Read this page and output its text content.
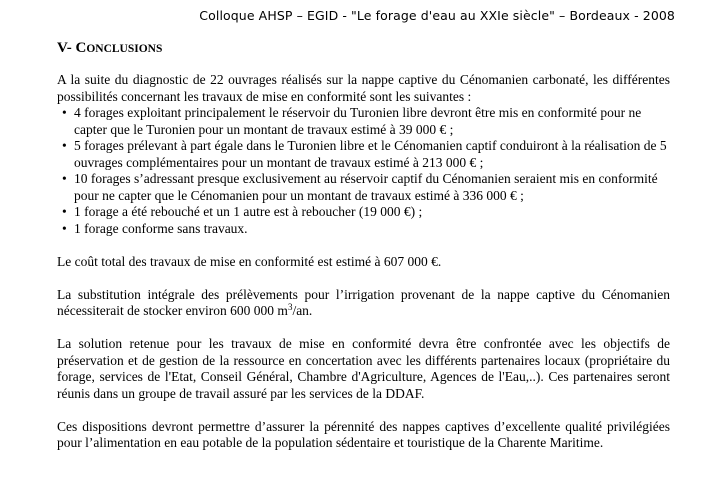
Colloque AHSP – EGID - "Le forage d'eau au XXIe siècle" – Bordeaux - 2008
V- CONCLUSIONS

A la suite du diagnostic de 22 ouvrages réalisés sur la nappe captive du Cénomanien carbonaté, les différentes possibilités concernant les travaux de mise en conformité sont les suivantes :

• 4 forages exploitant principalement le réservoir du Turonien libre devront être mis en conformité pour ne capter que le Turonien pour un montant de travaux estimé à 39 000 € ;
• 5 forages prélevant à part égale dans le Turonien libre et le Cénomanien captif conduiront à la réalisation de 5 ouvrages complémentaires pour un montant de travaux estimé à 213 000 € ;
• 10 forages s’adressant presque exclusivement au réservoir captif du Cénomanien seraient mis en conformité pour ne capter que le Cénomanien pour un montant de travaux estimé à 336 000 € ;
• 1 forage a été rebouché et un 1 autre est à reboucher (19 000 €) ;
• 1 forage conforme sans travaux.

Le coût total des travaux de mise en conformité est estimé à 607 000 €.

La substitution intégrale des prélèvements pour l’irrigation provenant de la nappe captive du Cénomanien nécessiterait de stocker environ 600 000 $m^3/an$.

La solution retenue pour les travaux de mise en conformité devra être confrontée avec les objectifs de préservation et de gestion de la ressource en concertation avec les différents partenaires locaux (propriétaire du forage, services de l'Etat, Conseil Général, Chambre d'Agriculture, Agences de l'Eau,..). Ces partenaires seront réunis dans un groupe de travail assuré par les services de la DDAF.

Ces dispositions devront permettre d’assurer la pérennité des nappes captives d’excellente qualité privilégiées pour l’alimentation en eau potable de la population sédentaire et touristique de la Charente Maritime.
